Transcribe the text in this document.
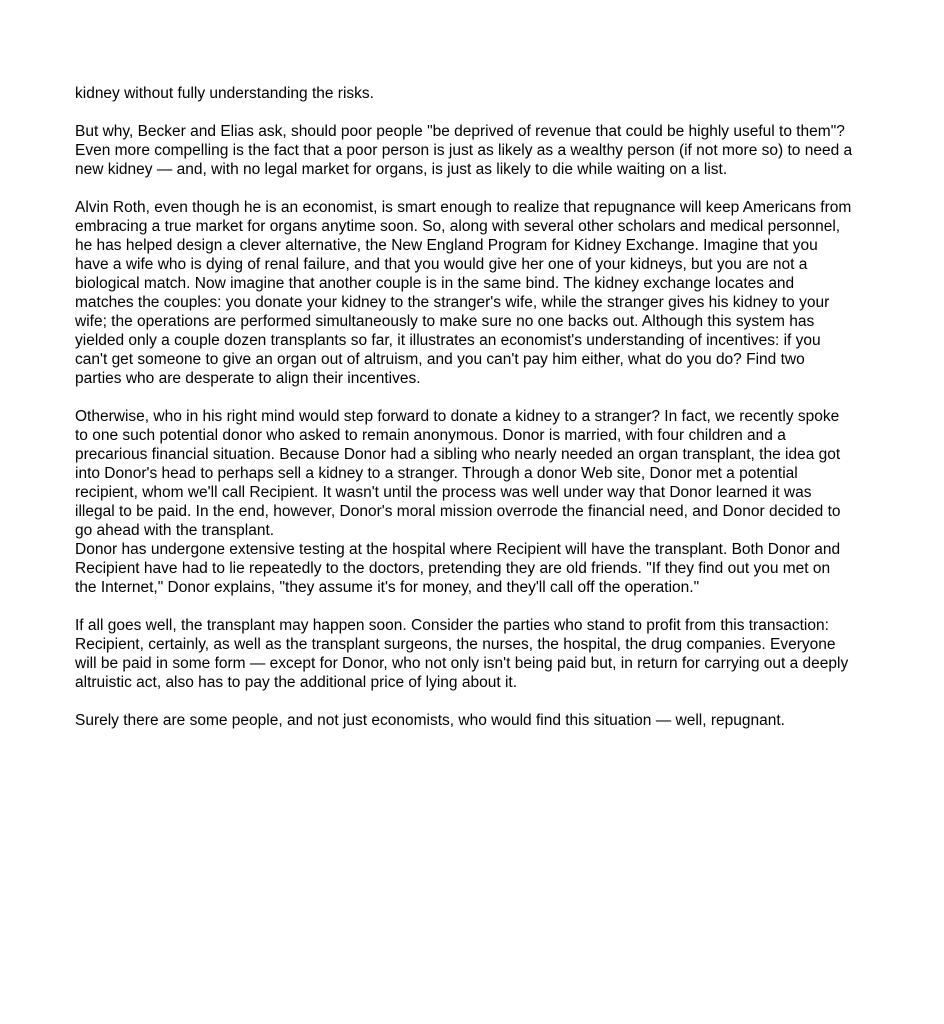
kidney without fully understanding the risks.

But why, Becker and Elias ask, should poor people "be deprived of revenue that could be highly useful to them"? Even more compelling is the fact that a poor person is just as likely as a wealthy person (if not more so) to need a new kidney — and, with no legal market for organs, is just as likely to die while waiting on a list.

Alvin Roth, even though he is an economist, is smart enough to realize that repugnance will keep Americans from embracing a true market for organs anytime soon. So, along with several other scholars and medical personnel, he has helped design a clever alternative, the New England Program for Kidney Exchange. Imagine that you have a wife who is dying of renal failure, and that you would give her one of your kidneys, but you are not a biological match. Now imagine that another couple is in the same bind. The kidney exchange locates and matches the couples: you donate your kidney to the stranger's wife, while the stranger gives his kidney to your wife; the operations are performed simultaneously to make sure no one backs out. Although this system has yielded only a couple dozen transplants so far, it illustrates an economist's understanding of incentives: if you can't get someone to give an organ out of altruism, and you can't pay him either, what do you do? Find two parties who are desperate to align their incentives.

Otherwise, who in his right mind would step forward to donate a kidney to a stranger? In fact, we recently spoke to one such potential donor who asked to remain anonymous. Donor is married, with four children and a precarious financial situation. Because Donor had a sibling who nearly needed an organ transplant, the idea got into Donor's head to perhaps sell a kidney to a stranger. Through a donor Web site, Donor met a potential recipient, whom we'll call Recipient. It wasn't until the process was well under way that Donor learned it was illegal to be paid. In the end, however, Donor's moral mission overrode the financial need, and Donor decided to go ahead with the transplant.

Donor has undergone extensive testing at the hospital where Recipient will have the transplant. Both Donor and Recipient have had to lie repeatedly to the doctors, pretending they are old friends. "If they find out you met on the Internet," Donor explains, "they assume it's for money, and they'll call off the operation."

If all goes well, the transplant may happen soon. Consider the parties who stand to profit from this transaction: Recipient, certainly, as well as the transplant surgeons, the nurses, the hospital, the drug companies. Everyone will be paid in some form — except for Donor, who not only isn't being paid but, in return for carrying out a deeply altruistic act, also has to pay the additional price of lying about it.

Surely there are some people, and not just economists, who would find this situation — well, repugnant.
